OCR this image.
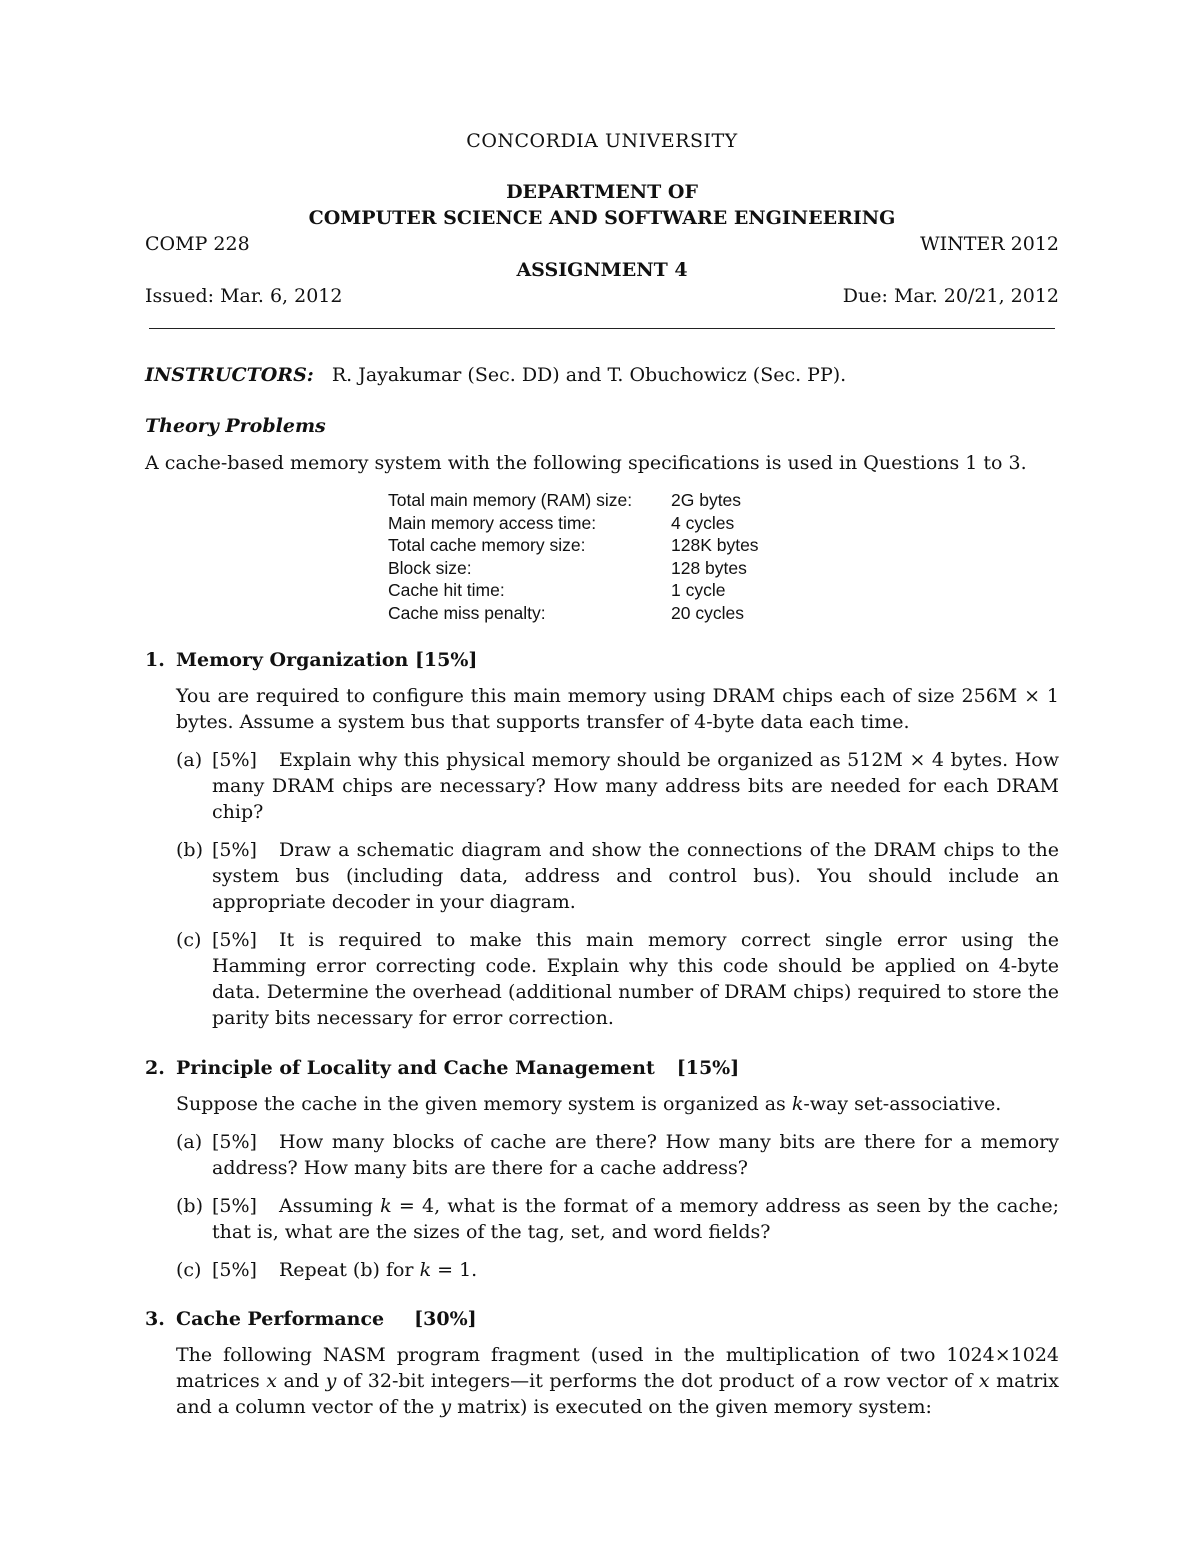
CONCORDIA UNIVERSITY
DEPARTMENT OF
COMPUTER SCIENCE AND SOFTWARE ENGINEERING
COMP 228	WINTER 2012
ASSIGNMENT 4
Issued: Mar. 6, 2012	Due: Mar. 20/21, 2012
INSTRUCTORS: R. Jayakumar (Sec. DD) and T. Obuchowicz (Sec. PP).
Theory Problems
A cache-based memory system with the following specifications is used in Questions 1 to 3.
Total main memory (RAM) size:	2G bytes
Main memory access time:	4 cycles
Total cache memory size:	128K bytes
Block size:	128 bytes
Cache hit time:	1 cycle
Cache miss penalty:	20 cycles
1. Memory Organization [15%]
You are required to configure this main memory using DRAM chips each of size 256M × 1 bytes. Assume a system bus that supports transfer of 4-byte data each time.
(a) [5%] Explain why this physical memory should be organized as 512M × 4 bytes. How many DRAM chips are necessary? How many address bits are needed for each DRAM chip?
(b) [5%] Draw a schematic diagram and show the connections of the DRAM chips to the system bus (including data, address and control bus). You should include an appropriate decoder in your diagram.
(c) [5%] It is required to make this main memory correct single error using the Hamming error correcting code. Explain why this code should be applied on 4-byte data. Determine the overhead (additional number of DRAM chips) required to store the parity bits necessary for error correction.
2. Principle of Locality and Cache Management [15%]
Suppose the cache in the given memory system is organized as k-way set-associative.
(a) [5%] How many blocks of cache are there? How many bits are there for a memory address? How many bits are there for a cache address?
(b) [5%] Assuming k = 4, what is the format of a memory address as seen by the cache; that is, what are the sizes of the tag, set, and word fields?
(c) [5%] Repeat (b) for k = 1.
3. Cache Performance [30%]
The following NASM program fragment (used in the multiplication of two 1024×1024 matrices x and y of 32-bit integers—it performs the dot product of a row vector of x matrix and a column vector of the y matrix) is executed on the given memory system:
